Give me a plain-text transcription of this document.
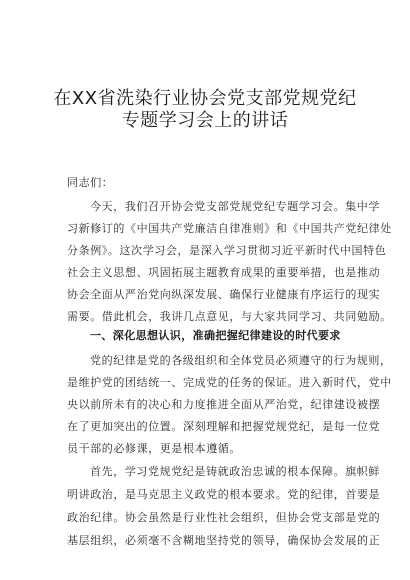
在XX省洗染行业协会党支部党规党纪
专题学习会上的讲话
同志们：
今天，我们召开协会党支部党规党纪专题学习会。集中学
习新修订的《中国共产党廉洁自律准则》和《中国共产党纪律处
分条例》。这次学习会，是深入学习贯彻习近平新时代中国特色
社会主义思想、巩固拓展主题教育成果的重要举措，也是推动
协会全面从严治党向纵深发展、确保行业健康有序运行的现实
需要。借此机会，我讲几点意见，与大家共同学习、共同勉励。
一、深化思想认识，准确把握纪律建设的时代要求
党的纪律是党的各级组织和全体党员必须遵守的行为规则，
是维护党的团结统一、完成党的任务的保证。进入新时代，党中
央以前所未有的决心和力度推进全面从严治党，纪律建设被摆
在了更加突出的位置。深刻理解和把握党规党纪，是每一位党
员干部的必修课，更是根本遵循。
首先，学习党规党纪是铸就政治忠诚的根本保障。旗帜鲜
明讲政治，是马克思主义政党的根本要求。党的纪律，首要是
政治纪律。协会虽然是行业性社会组织，但协会党支部是党的
基层组织，必须毫不含糊地坚持党的领导，确保协会发展的正
